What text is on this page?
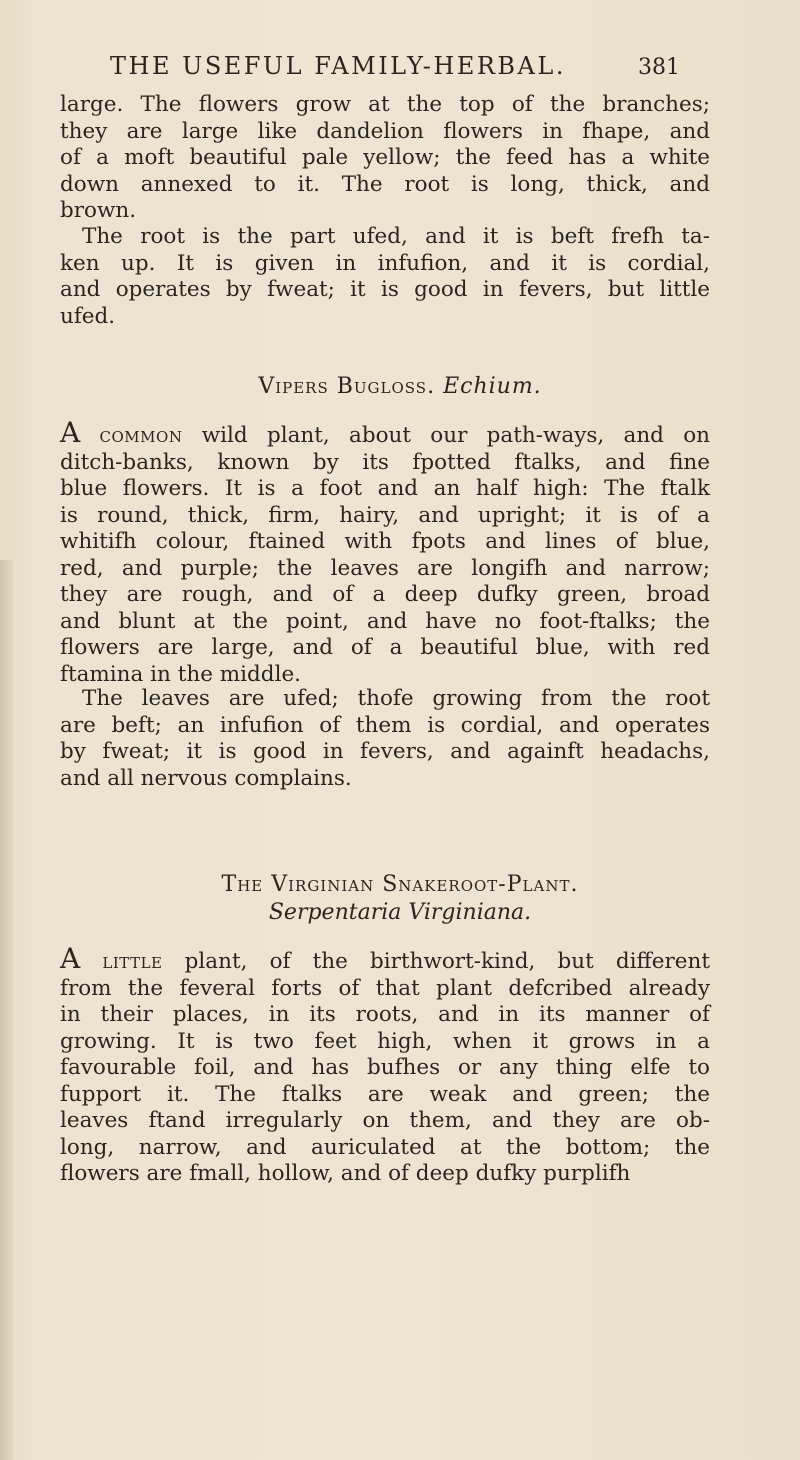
THE USEFUL FAMILY-HERBAL.	381
large. The flowers grow at the top of the branches;
they are large like dandelion flowers in fhape, and
of a moft beautiful pale yellow; the feed has a white
down annexed to it. The root is long, thick, and
brown.
The root is the part ufed, and it is beft frefh ta-
ken up. It is given in infufion, and it is cordial,
and operates by fweat; it is good in fevers, but little
ufed.
Vipers Bugloss. Echium.
A common wild plant, about our path-ways, and on
ditch-banks, known by its fpotted ftalks, and fine
blue flowers. It is a foot and an half high: The ftalk
is round, thick, firm, hairy, and upright; it is of a
whitifh colour, ftained with fpots and lines of blue,
red, and purple; the leaves are longifh and narrow;
they are rough, and of a deep dufky green, broad
and blunt at the point, and have no foot-ftalks; the
flowers are large, and of a beautiful blue, with red
ftamina in the middle.
The leaves are ufed; thofe growing from the root
are beft; an infufion of them is cordial, and operates
by fweat; it is good in fevers, and againft headachs,
and all nervous complains.
The Virginian Snakeroot-Plant.
Serpentaria Virginiana.
A little plant, of the birthwort-kind, but different
from the feveral forts of that plant defcribed already
in their places, in its roots, and in its manner of
growing. It is two feet high, when it grows in a
favourable foil, and has bufhes or any thing elfe to
fupport it. The ftalks are weak and green; the
leaves ftand irregularly on them, and they are ob-
long, narrow, and auriculated at the bottom; the
flowers are fmall, hollow, and of deep dufky purplifh
